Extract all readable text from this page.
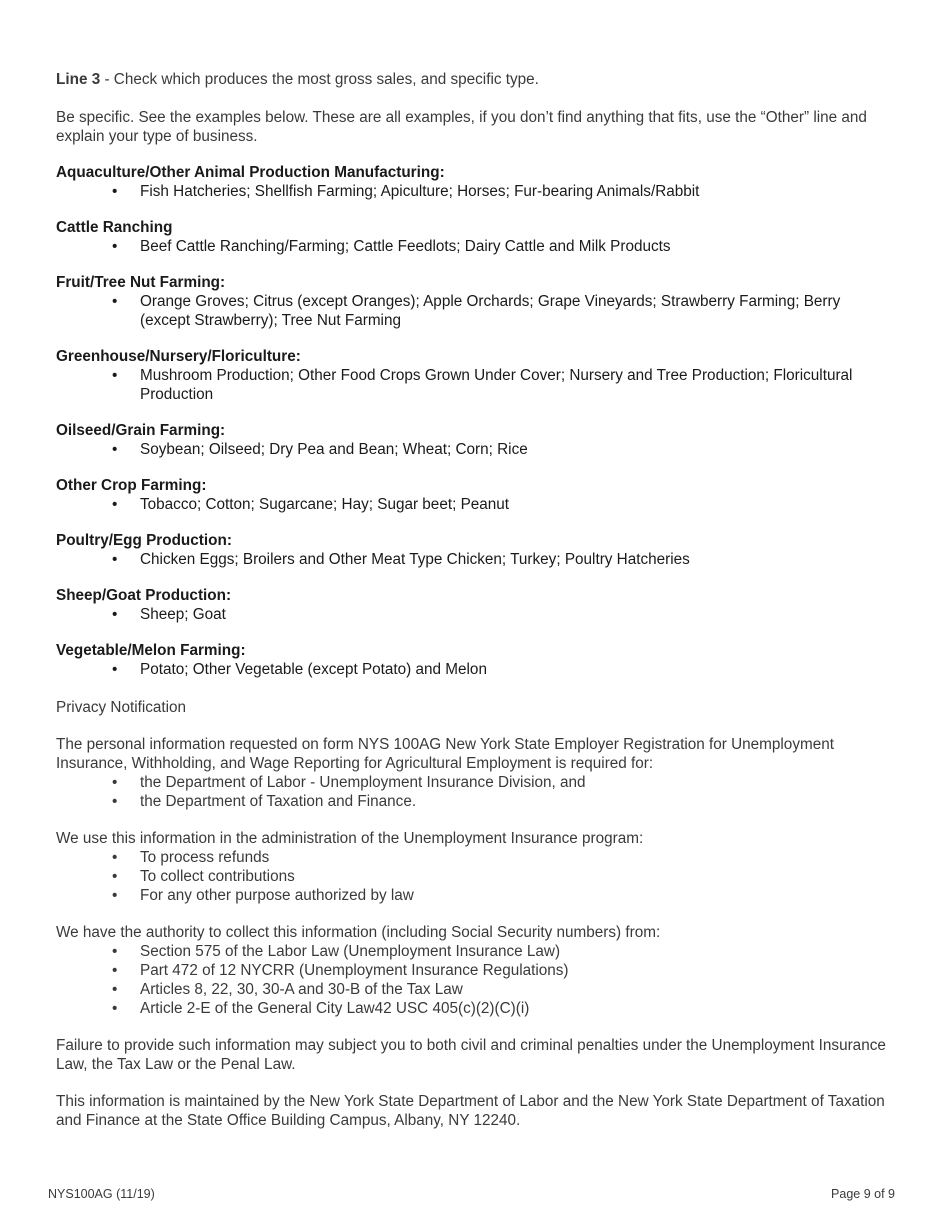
Line 3 - Check which produces the most gross sales, and specific type.

Be specific. See the examples below. These are all examples, if you don’t find anything that fits, use the “Other” line and explain your type of business.

Aquaculture/Other Animal Production Manufacturing:

• Fish Hatcheries; Shellfish Farming; Apiculture; Horses; Fur-bearing Animals/Rabbit

Cattle Ranching

• Beef Cattle Ranching/Farming; Cattle Feedlots; Dairy Cattle and Milk Products

Fruit/Tree Nut Farming:

• Orange Groves; Citrus (except Oranges); Apple Orchards; Grape Vineyards; Strawberry Farming; Berry (except Strawberry); Tree Nut Farming

Greenhouse/Nursery/Floriculture:

• Mushroom Production; Other Food Crops Grown Under Cover; Nursery and Tree Production; Floricultural Production

Oilseed/Grain Farming:

• Soybean; Oilseed; Dry Pea and Bean; Wheat; Corn; Rice

Other Crop Farming:

• Tobacco; Cotton; Sugarcane; Hay; Sugar beet; Peanut

Poultry/Egg Production:

• Chicken Eggs; Broilers and Other Meat Type Chicken; Turkey; Poultry Hatcheries

Sheep/Goat Production:

• Sheep; Goat

Vegetable/Melon Farming:

• Potato; Other Vegetable (except Potato) and Melon

Privacy Notification

The personal information requested on form NYS 100AG New York State Employer Registration for Unemployment Insurance, Withholding, and Wage Reporting for Agricultural Employment is required for:

• the Department of Labor - Unemployment Insurance Division, and
• the Department of Taxation and Finance.

We use this information in the administration of the Unemployment Insurance program:

• To process refunds
• To collect contributions
• For any other purpose authorized by law

We have the authority to collect this information (including Social Security numbers) from:

• Section 575 of the Labor Law (Unemployment Insurance Law)
• Part 472 of 12 NYCRR (Unemployment Insurance Regulations)
• Articles 8, 22, 30, 30-A and 30-B of the Tax Law
• Article 2-E of the General City Law42 USC 405(c)(2)(C)(i)

Failure to provide such information may subject you to both civil and criminal penalties under the Unemployment Insurance Law, the Tax Law or the Penal Law.

This information is maintained by the New York State Department of Labor and the New York State Department of Taxation and Finance at the State Office Building Campus, Albany, NY 12240.

NYS100AG (11/19)	Page 9 of 9
